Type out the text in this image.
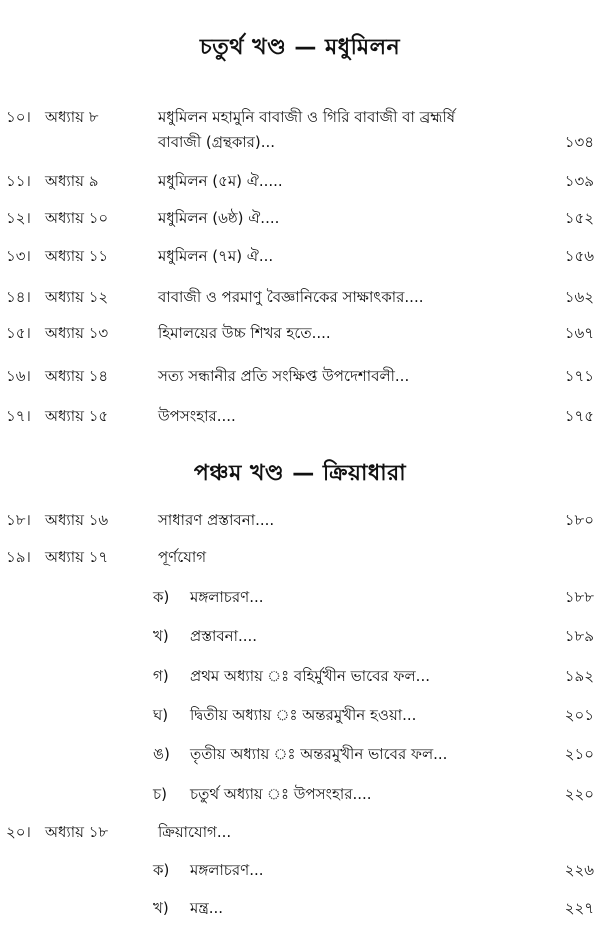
চতুর্থ খণ্ড — মধুমিলন
১০। অধ্যায় ৮	মধুমিলন মহামুনি বাবাজী ও গিরি বাবাজী বা ব্রহ্মর্ষি
বাবাজী (গ্রন্থকার)...	১৩৪
১১। অধ্যায় ৯	মধুমিলন (৫ম) ঐ.....	১৩৯
১২। অধ্যায় ১০	মধুমিলন (৬ষ্ঠ) ঐ....	১৫২
১৩। অধ্যায় ১১	মধুমিলন (৭ম) ঐ...	১৫৬
১৪। অধ্যায় ১২	বাবাজী ও পরমাণু বৈজ্ঞানিকের সাক্ষাৎকার....	১৬২
১৫। অধ্যায় ১৩	হিমালয়ের উচ্চ শিখর হতে....	১৬৭
১৬। অধ্যায় ১৪	সত্য সন্ধানীর প্রতি সংক্ষিপ্ত উপদেশাবলী...	১৭১
১৭। অধ্যায় ১৫	উপসংহার....	১৭৫
পঞ্চম খণ্ড — ক্রিয়াধারা
১৮। অধ্যায় ১৬	সাধারণ প্রস্তাবনা....	১৮০
১৯। অধ্যায় ১৭	পূর্ণযোগ
ক) মঙ্গলাচরণ...	১৮৮
খ) প্রস্তাবনা....	১৮৯
গ) প্রথম অধ্যায় ঃ বহির্মুখীন ভাবের ফল...	১৯২
ঘ) দ্বিতীয় অধ্যায় ঃ অন্তরমুখীন হওয়া...	২০১
ঙ) তৃতীয় অধ্যায় ঃ অন্তরমুখীন ভাবের ফল...	২১০
চ) চতুর্থ অধ্যায় ঃ উপসংহার....	২২০
২০। অধ্যায় ১৮	ক্রিয়াযোগ...
ক) মঙ্গলাচরণ...	২২৬
খ) মন্ত্র...	২২৭
